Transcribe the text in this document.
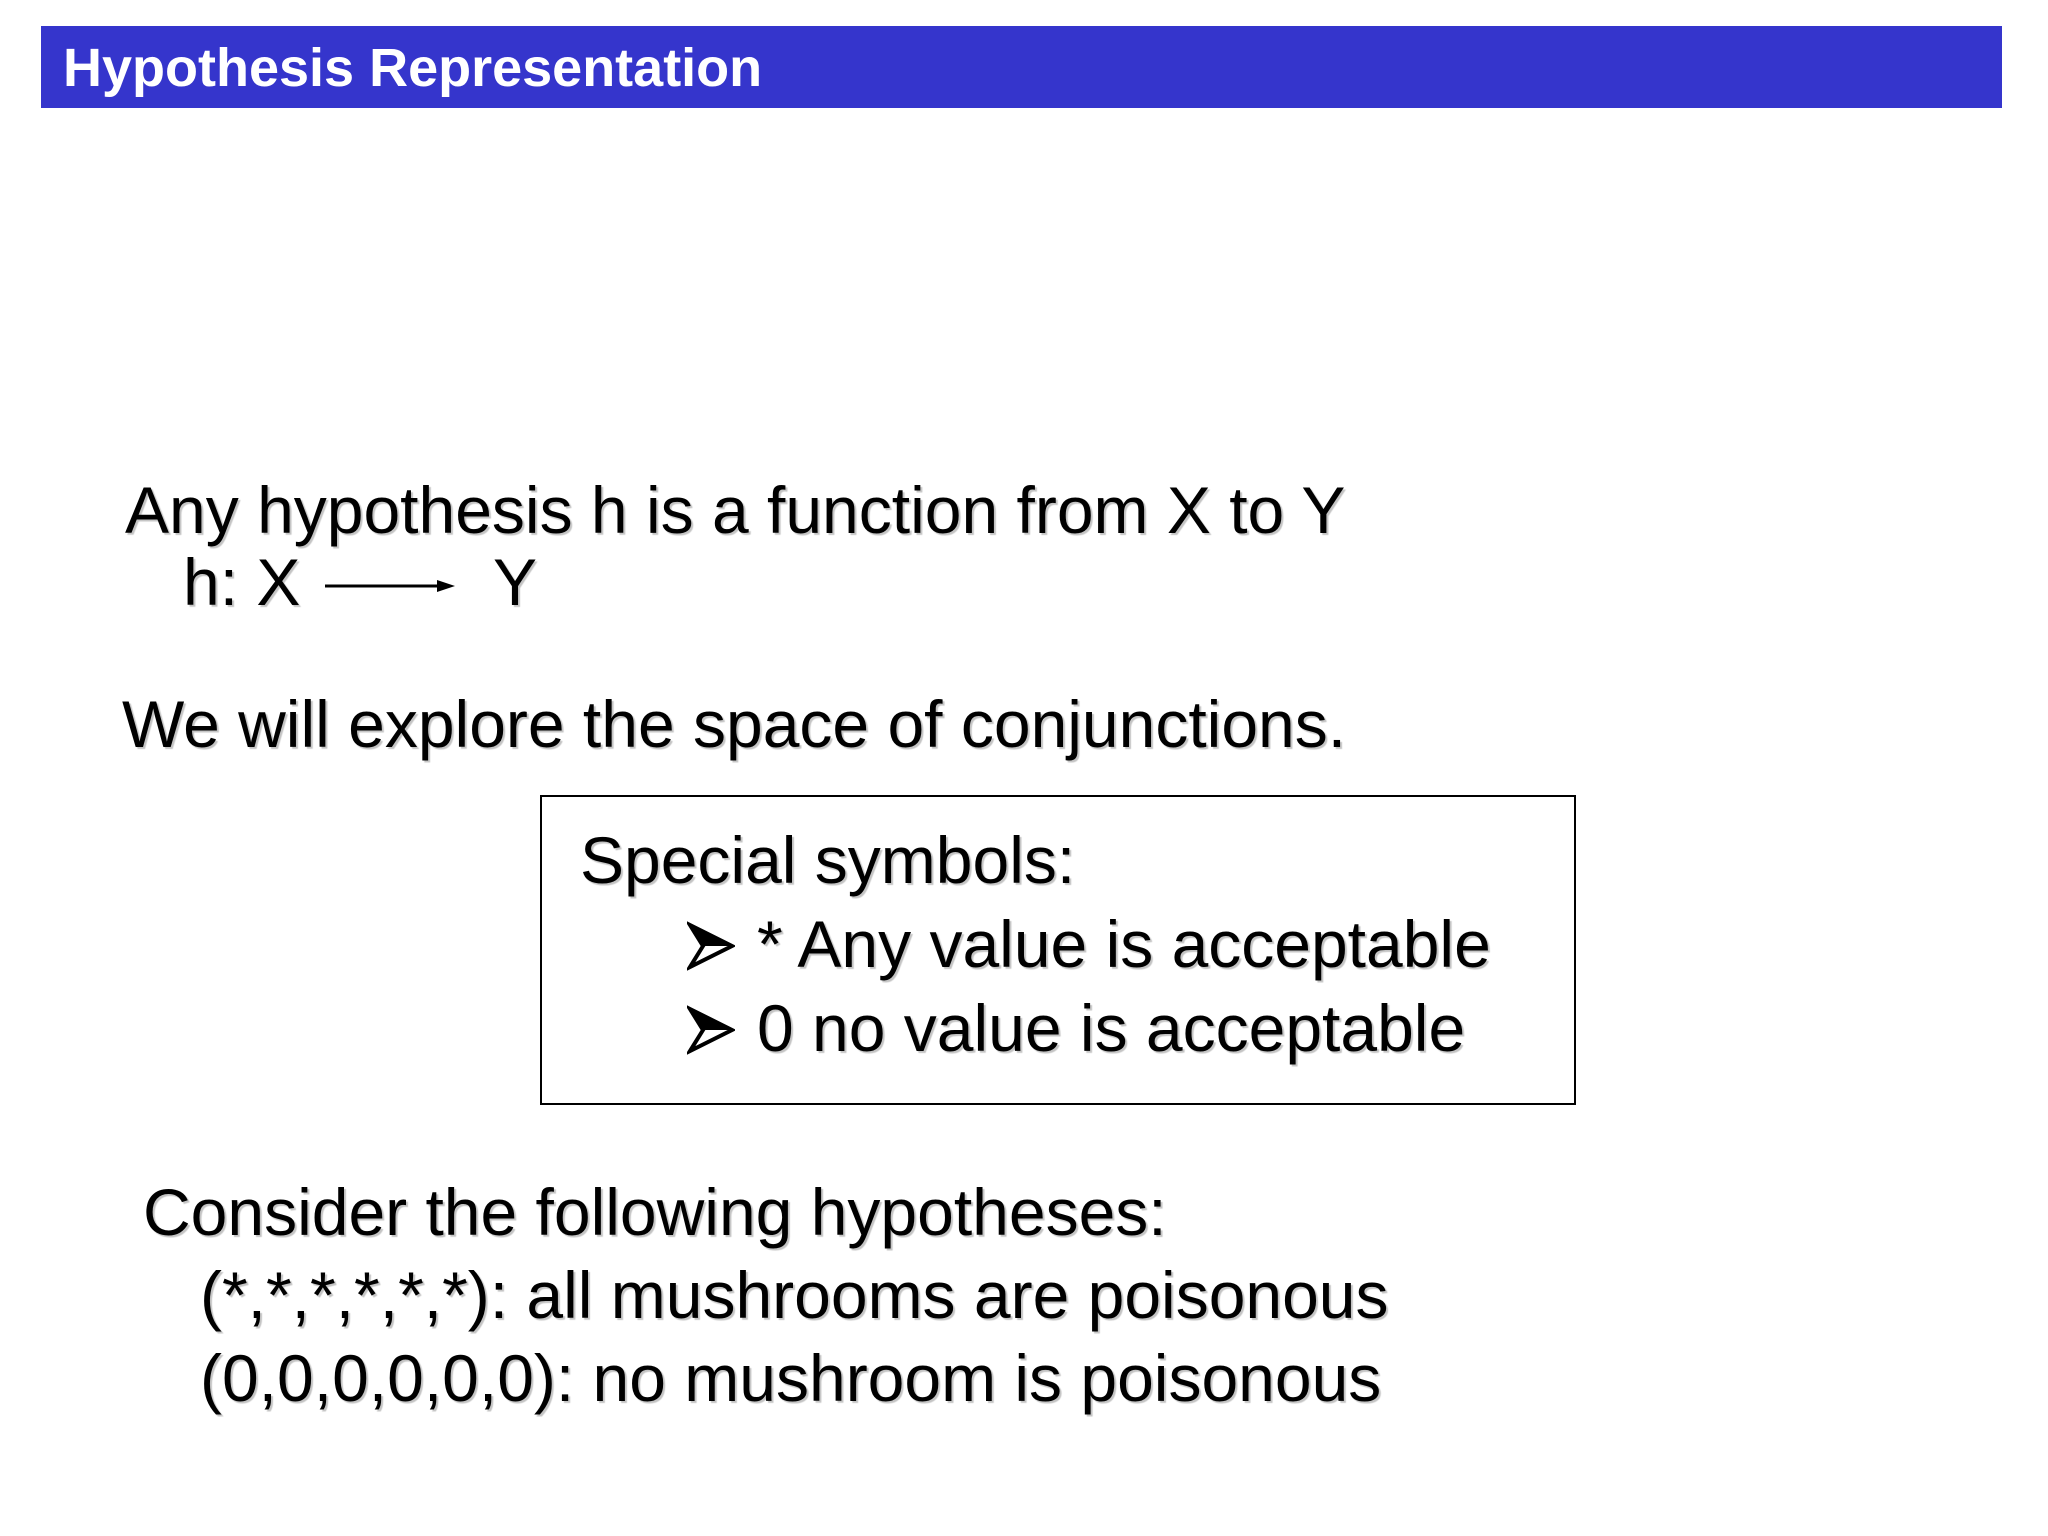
Hypothesis Representation
Any hypothesis h is a function from X to Y
h: X	Y
We will explore the space of conjunctions.
Special symbols:
* Any value is acceptable
0 no value is acceptable
Consider the following hypotheses:
(*,*,*,*,*,*): all mushrooms are poisonous
(0,0,0,0,0,0): no mushroom is poisonous
